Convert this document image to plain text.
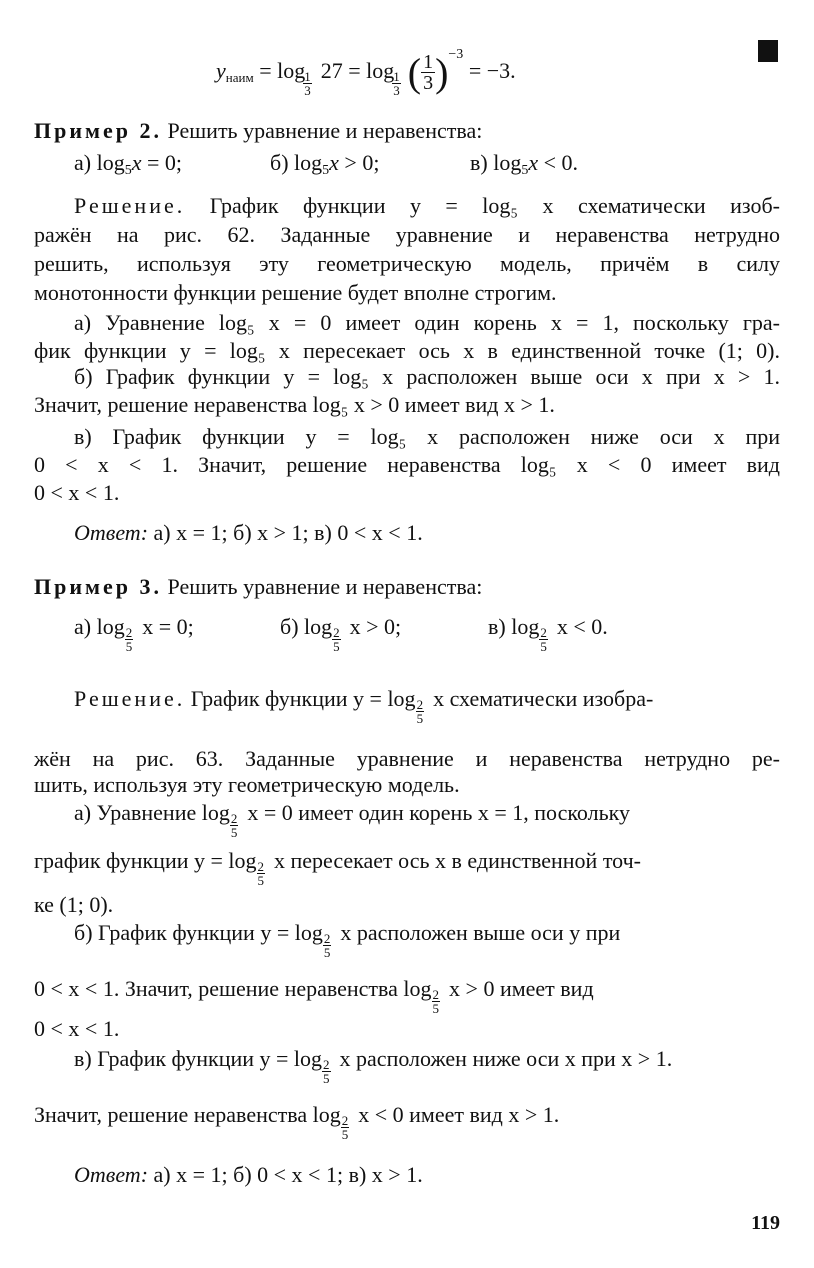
yнаим = log 1
3
27 = log 1
3 ( $\frac{1}{3})^{-3} = -3$.
Пример 2. Решить уравнение и неравенства:
а) log5x = 0;	б) log5x > 0;	в) log5x < 0.
Решение. График функции y = log₅ x схематически изоб-
ражён на рис. 62. Заданные уравнение и неравенства нетрудно
решить, используя эту геометрическую модель, причём в силу
монотонности функции решение будет вполне строгим.
а) Уравнение log₅ x = 0 имеет один корень x = 1, поскольку гра-
фик функции y = log₅ x пересекает ось x в единственной точке (1; 0).
б) График функции y = log₅ x расположен выше оси x при x > 1.
Значит, решение неравенства log₅ x > 0 имеет вид x > 1.
в) График функции y = log₅ x расположен ниже оси x при
0 < x < 1. Значит, решение неравенства log₅ x < 0 имеет вид
0 < x < 1.
Ответ: а) x = 1; б) x > 1; в) 0 < x < 1.
Пример 3. Решить уравнение и неравенства:
а) log 2
5
x = 0;	б) log 2
5
x > 0;	в) log 2
5
x < 0.
Решение. График функции y = log 2
5
x схематически изобра-
жён на рис. 63. Заданные уравнение и неравенства нетрудно ре-
шить, используя эту геометрическую модель.
а) Уравнение log 2
5
x = 0 имеет один корень x = 1, поскольку
график функции y = log 2
5
x пересекает ось x в единственной точ-
ке (1; 0).
б) График функции y = log 2
5
x расположен выше оси y при
0 < x < 1. Значит, решение неравенства log 2
5
x > 0 имеет вид
0 < x < 1.
в) График функции y = log 2
5
x расположен ниже оси x при x > 1.
Значит, решение неравенства log 2
5
x < 0 имеет вид x > 1.
Ответ: а) x = 1; б) 0 < x < 1; в) x > 1.
119
